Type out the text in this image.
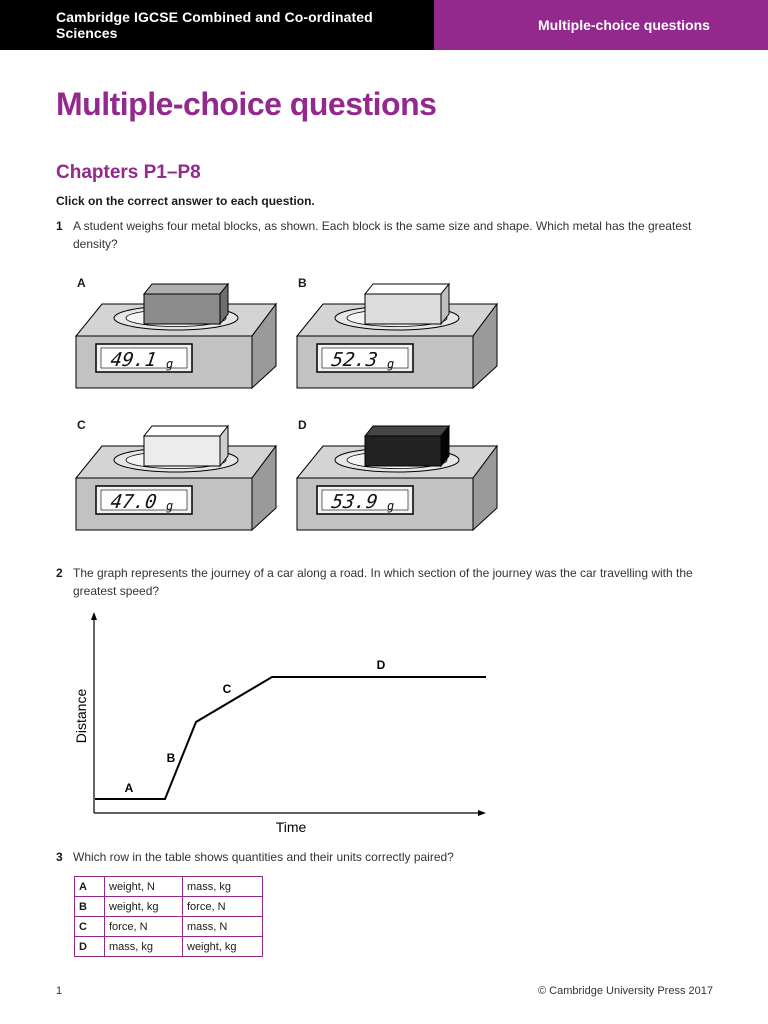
Cambridge IGCSE Combined and Co-ordinated Sciences	Multiple-choice questions
Multiple-choice questions
Chapters P1–P8
Click on the correct answer to each question.
1 A student weighs four metal blocks, as shown. Each block is the same size and shape. Which metal has the greatest density?
A
49.1 g
B
52.3 g
C
47.0 g
D
53.9 g
2 The graph represents the journey of a car along a road. In which section of the journey was the car travelling with the greatest speed?
A
B
C
D
Time
Distance
3 Which row in the table shows quantities and their units correctly paired?
A	weight, N	mass, kg
B	weight, kg	force, N
C	force, N	mass, N
D	mass, kg	weight, kg
1	© Cambridge University Press 2017
